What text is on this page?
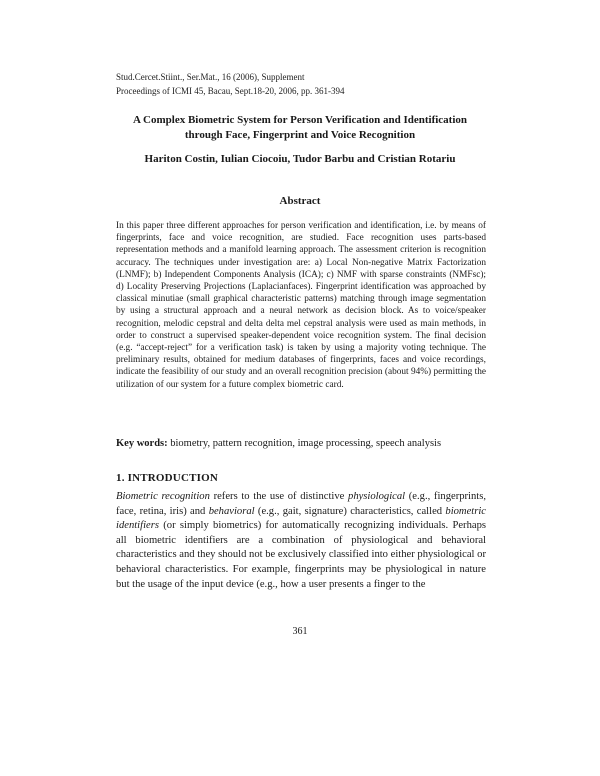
Stud.Cercet.Stiint., Ser.Mat., 16 (2006), Supplement
Proceedings of ICMI 45, Bacau, Sept.18-20, 2006, pp. 361-394
A Complex Biometric System for Person Verification and Identification
through Face, Fingerprint and Voice Recognition
Hariton Costin, Iulian Ciocoiu, Tudor Barbu and Cristian Rotariu
Abstract
In this paper three different approaches for person verification and identification, i.e. by means of fingerprints, face and voice recognition, are studied. Face recognition uses parts-based representation methods and a manifold learning approach. The assessment criterion is recognition accuracy. The techniques under investigation are: a) Local Non-negative Matrix Factorization (LNMF); b) Independent Components Analysis (ICA); c) NMF with sparse constraints (NMFsc); d) Locality Preserving Projections (Laplacianfaces). Fingerprint identification was approached by classical minutiae (small graphical characteristic patterns) matching through image segmentation by using a structural approach and a neural network as decision block. As to voice/speaker recognition, melodic cepstral and delta delta mel cepstral analysis were used as main methods, in order to construct a supervised speaker-dependent voice recognition system. The final decision (e.g. “accept-reject” for a verification task) is taken by using a majority voting technique. The preliminary results, obtained for medium databases of fingerprints, faces and voice recordings, indicate the feasibility of our study and an overall recognition precision (about 94%) permitting the utilization of our system for a future complex biometric card.
Key words: biometry, pattern recognition, image processing, speech analysis
1. INTRODUCTION
Biometric recognition refers to the use of distinctive physiological (e.g., fingerprints, face, retina, iris) and behavioral (e.g., gait, signature) characteristics, called biometric identifiers (or simply biometrics) for automatically recognizing individuals. Perhaps all biometric identifiers are a combination of physiological and behavioral characteristics and they should not be exclusively classified into either physiological or behavioral characteristics. For example, fingerprints may be physiological in nature but the usage of the input device (e.g., how a user presents a finger to the
361
